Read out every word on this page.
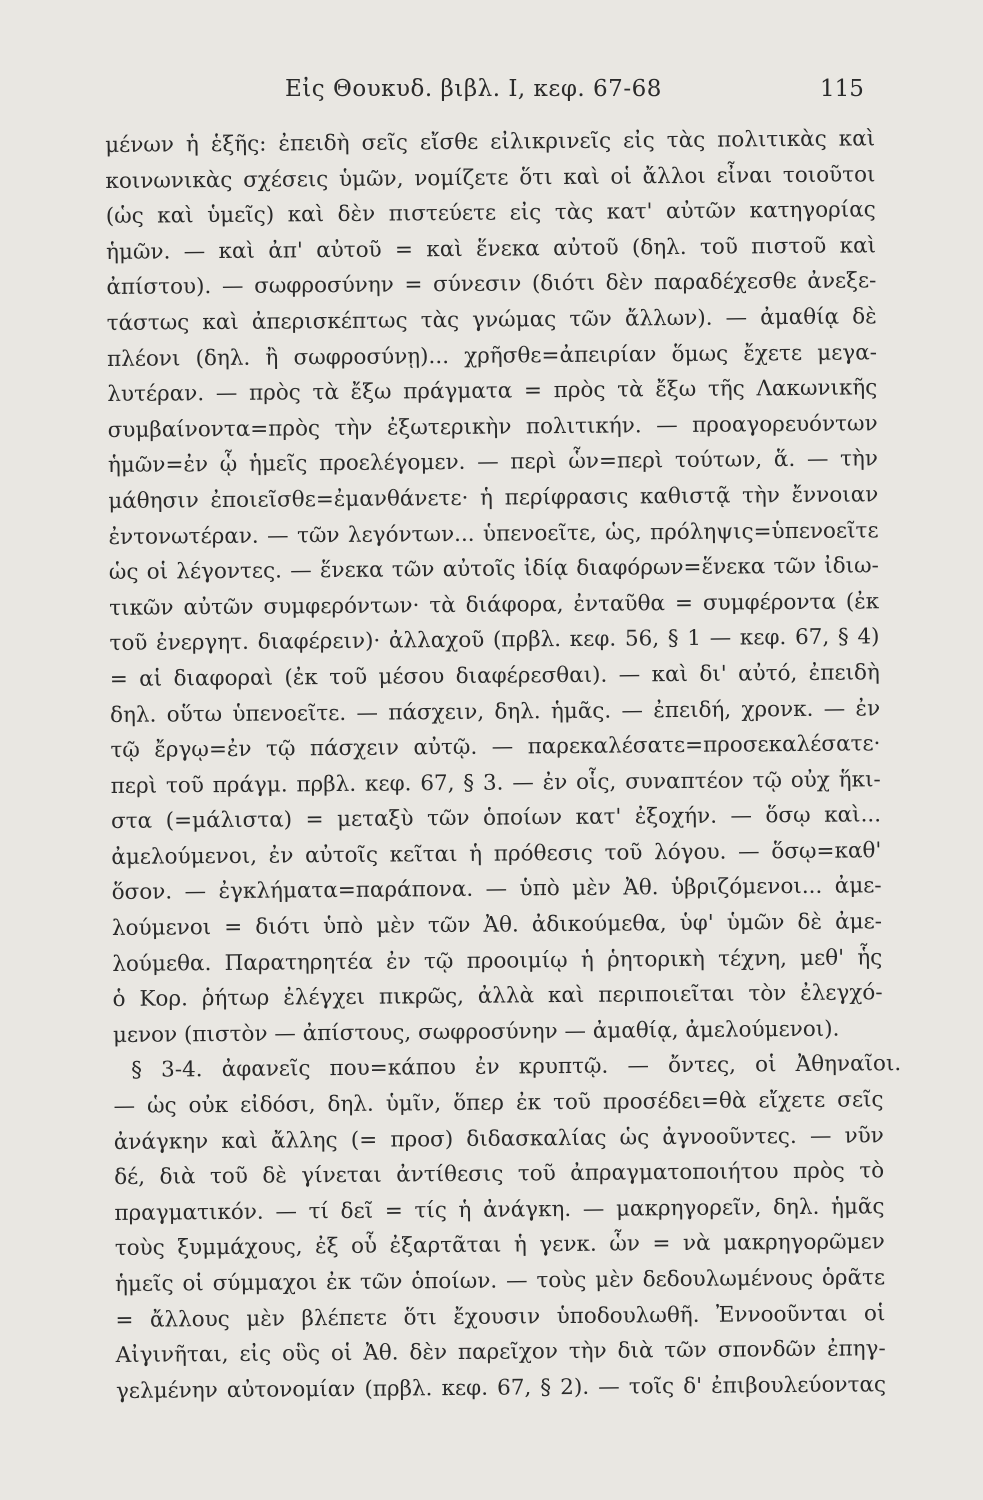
Εἰς Θουκυδ. βιβλ. I, κεφ. 67-68	115
μένων ἡ ἑξῆς: ἐπειδὴ σεῖς εἴσθε εἰλικρινεῖς εἰς τὰς πολιτικὰς καὶ
κοινωνικὰς σχέσεις ὑμῶν, νομίζετε ὅτι καὶ οἱ ἄλλοι εἶναι τοιοῦτοι
(ὡς καὶ ὑμεῖς) καὶ δὲν πιστεύετε εἰς τὰς κατ' αὐτῶν κατηγορίας
ἡμῶν. — καὶ ἀπ' αὐτοῦ = καὶ ἕνεκα αὐτοῦ (δηλ. τοῦ πιστοῦ καὶ
ἀπίστου). — σωφροσύνην = σύνεσιν (διότι δὲν παραδέχεσθε ἀνεξε-
τάστως καὶ ἀπερισκέπτως τὰς γνώμας τῶν ἄλλων). — ἀμαθίᾳ δὲ
πλέονι (δηλ. ἢ σωφροσύνῃ)... χρῆσθε=ἀπειρίαν ὅμως ἔχετε μεγα-
λυτέραν. — πρὸς τὰ ἔξω πράγματα = πρὸς τὰ ἔξω τῆς Λακωνικῆς
συμβαίνοντα=πρὸς τὴν ἐξωτερικὴν πολιτικήν. — προαγορευόντων
ἡμῶν=ἐν ᾧ ἡμεῖς προελέγομεν. — περὶ ὧν=περὶ τούτων, ἅ. — τὴν
μάθησιν ἐποιεῖσθε=ἐμανθάνετε· ἡ περίφρασις καθιστᾷ τὴν ἔννοιαν
ἐντονωτέραν. — τῶν λεγόντων... ὑπενοεῖτε, ὡς, πρόληψις=ὑπενοεῖτε
ὡς οἱ λέγοντες. — ἕνεκα τῶν αὐτοῖς ἰδίᾳ διαφόρων=ἕνεκα τῶν ἰδιω-
τικῶν αὐτῶν συμφερόντων· τὰ διάφορα, ἐνταῦθα = συμφέροντα (ἐκ
τοῦ ἐνεργητ. διαφέρειν)· ἀλλαχοῦ (πρβλ. κεφ. 56, § 1 — κεφ. 67, § 4)
= αἱ διαφοραὶ (ἐκ τοῦ μέσου διαφέρεσθαι). — καὶ δι' αὐτό, ἐπειδὴ
δηλ. οὕτω ὑπενοεῖτε. — πάσχειν, δηλ. ἡμᾶς. — ἐπειδή, χρονκ. — ἐν
τῷ ἔργῳ=ἐν τῷ πάσχειν αὐτῷ. — παρεκαλέσατε=προσεκαλέσατε·
περὶ τοῦ πράγμ. πρβλ. κεφ. 67, § 3. — ἐν οἷς, συναπτέον τῷ οὐχ ἥκι-
στα (=μάλιστα) = μεταξὺ τῶν ὁποίων κατ' ἐξοχήν. — ὅσῳ καὶ...
ἀμελούμενοι, ἐν αὐτοῖς κεῖται ἡ πρόθεσις τοῦ λόγου. — ὅσῳ=καθ'
ὅσον. — ἐγκλήματα=παράπονα. — ὑπὸ μὲν Ἀθ. ὑβριζόμενοι... ἀμε-
λούμενοι = διότι ὑπὸ μὲν τῶν Ἀθ. ἀδικούμεθα, ὑφ' ὑμῶν δὲ ἀμε-
λούμεθα. Παρατηρητέα ἐν τῷ προοιμίῳ ἡ ῥητορικὴ τέχνη, μεθ' ἧς
ὁ Κορ. ῥήτωρ ἐλέγχει πικρῶς, ἀλλὰ καὶ περιποιεῖται τὸν ἐλεγχό-
μενον (πιστὸν — ἀπίστους, σωφροσύνην — ἀμαθίᾳ, ἀμελούμενοι).
§ 3-4. ἀφανεῖς που=κάπου ἐν κρυπτῷ. — ὄντες, οἱ Ἀθηναῖοι.
— ὡς οὐκ εἰδόσι, δηλ. ὑμῖν, ὅπερ ἐκ τοῦ προσέδει=θὰ εἴχετε σεῖς
ἀνάγκην καὶ ἄλλης (= προσ) διδασκαλίας ὡς ἀγνοοῦντες. — νῦν
δέ, διὰ τοῦ δὲ γίνεται ἀντίθεσις τοῦ ἀπραγματοποιήτου πρὸς τὸ
πραγματικόν. — τί δεῖ = τίς ἡ ἀνάγκη. — μακρηγορεῖν, δηλ. ἡμᾶς
τοὺς ξυμμάχους, ἐξ οὗ ἐξαρτᾶται ἡ γενκ. ὧν = νὰ μακρηγορῶμεν
ἡμεῖς οἱ σύμμαχοι ἐκ τῶν ὁποίων. — τοὺς μὲν δεδουλωμένους ὁρᾶτε
= ἄλλους μὲν βλέπετε ὅτι ἔχουσιν ὑποδουλωθῆ. Ἐννοοῦνται οἱ
Αἰγινῆται, εἰς οὓς οἱ Ἀθ. δὲν παρεῖχον τὴν διὰ τῶν σπονδῶν ἐπηγ-
γελμένην αὐτονομίαν (πρβλ. κεφ. 67, § 2). — τοῖς δ' ἐπιβουλεύοντας
